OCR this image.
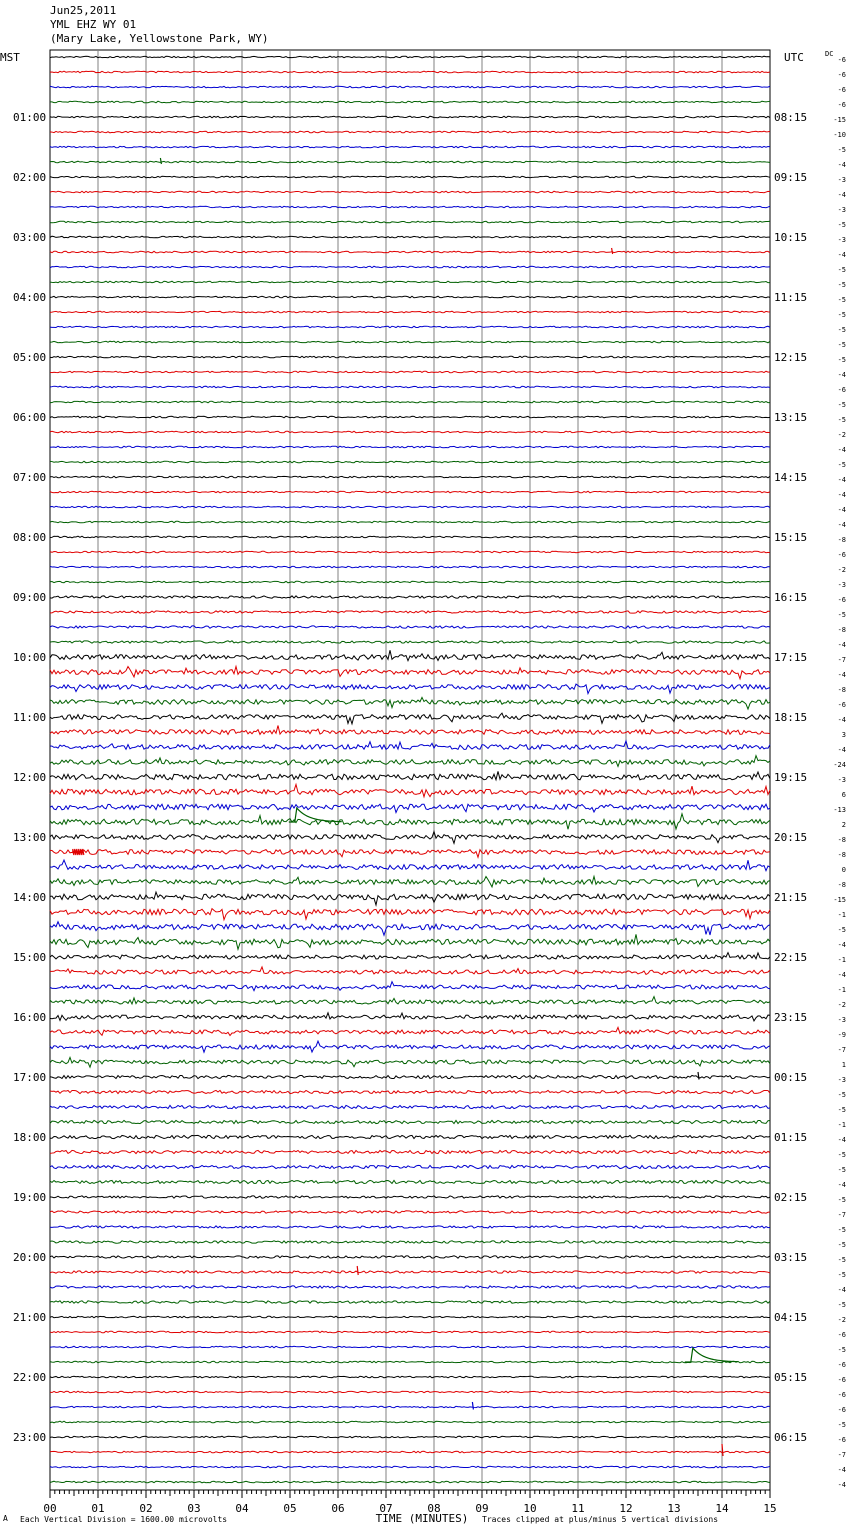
Jun25,2011
YML EHZ WY 01
(Mary Lake, Yellowstone Park, WY)
00	01	02	03	04	05	06	07	08	09	10	11	12	13	14	15
TIME (MINUTES)
MST	UTC	DC
-6
-6
-6
-6
01:00	08:15	-15
-10
-5
-4
02:00	09:15	-3
-4
-3
-5
03:00	10:15	-3
-4
-5
-5
04:00	11:15	-5
-5
-5
-5
05:00	12:15	-5
-4
-6
-5
06:00	13:15	-5
-2
-4
-5
07:00	14:15	-4
-4
-4
-4
08:00	15:15	-8
-6
-2
-3
09:00	16:15	-6
-5
-8
-4
10:00	17:15	-7
-4
-8
-6
11:00	18:15	-4
3
-4
-24
12:00	19:15	-3
6
-13
2
13:00	20:15	-8
-8
0
-8
14:00	21:15	-15
-1
-5
-4
15:00	22:15	-1
-4
-1
-2
16:00	23:15	-3
-9
-7
1
17:00	00:15	-3
-5
-5
-1
18:00	01:15	-4
-5
-5
-4
19:00	02:15	-5
-7
-5
-5
20:00	03:15	-5
-5
-4
-5
21:00	04:15	-2
-6
-5
-6
22:00	05:15	-6
-6
-6
-5
23:00	06:15	-6
-7
-4
-4
A Each Vertical Division = 1600.00 microvolts	Traces clipped at plus/minus 5 vertical divisions
